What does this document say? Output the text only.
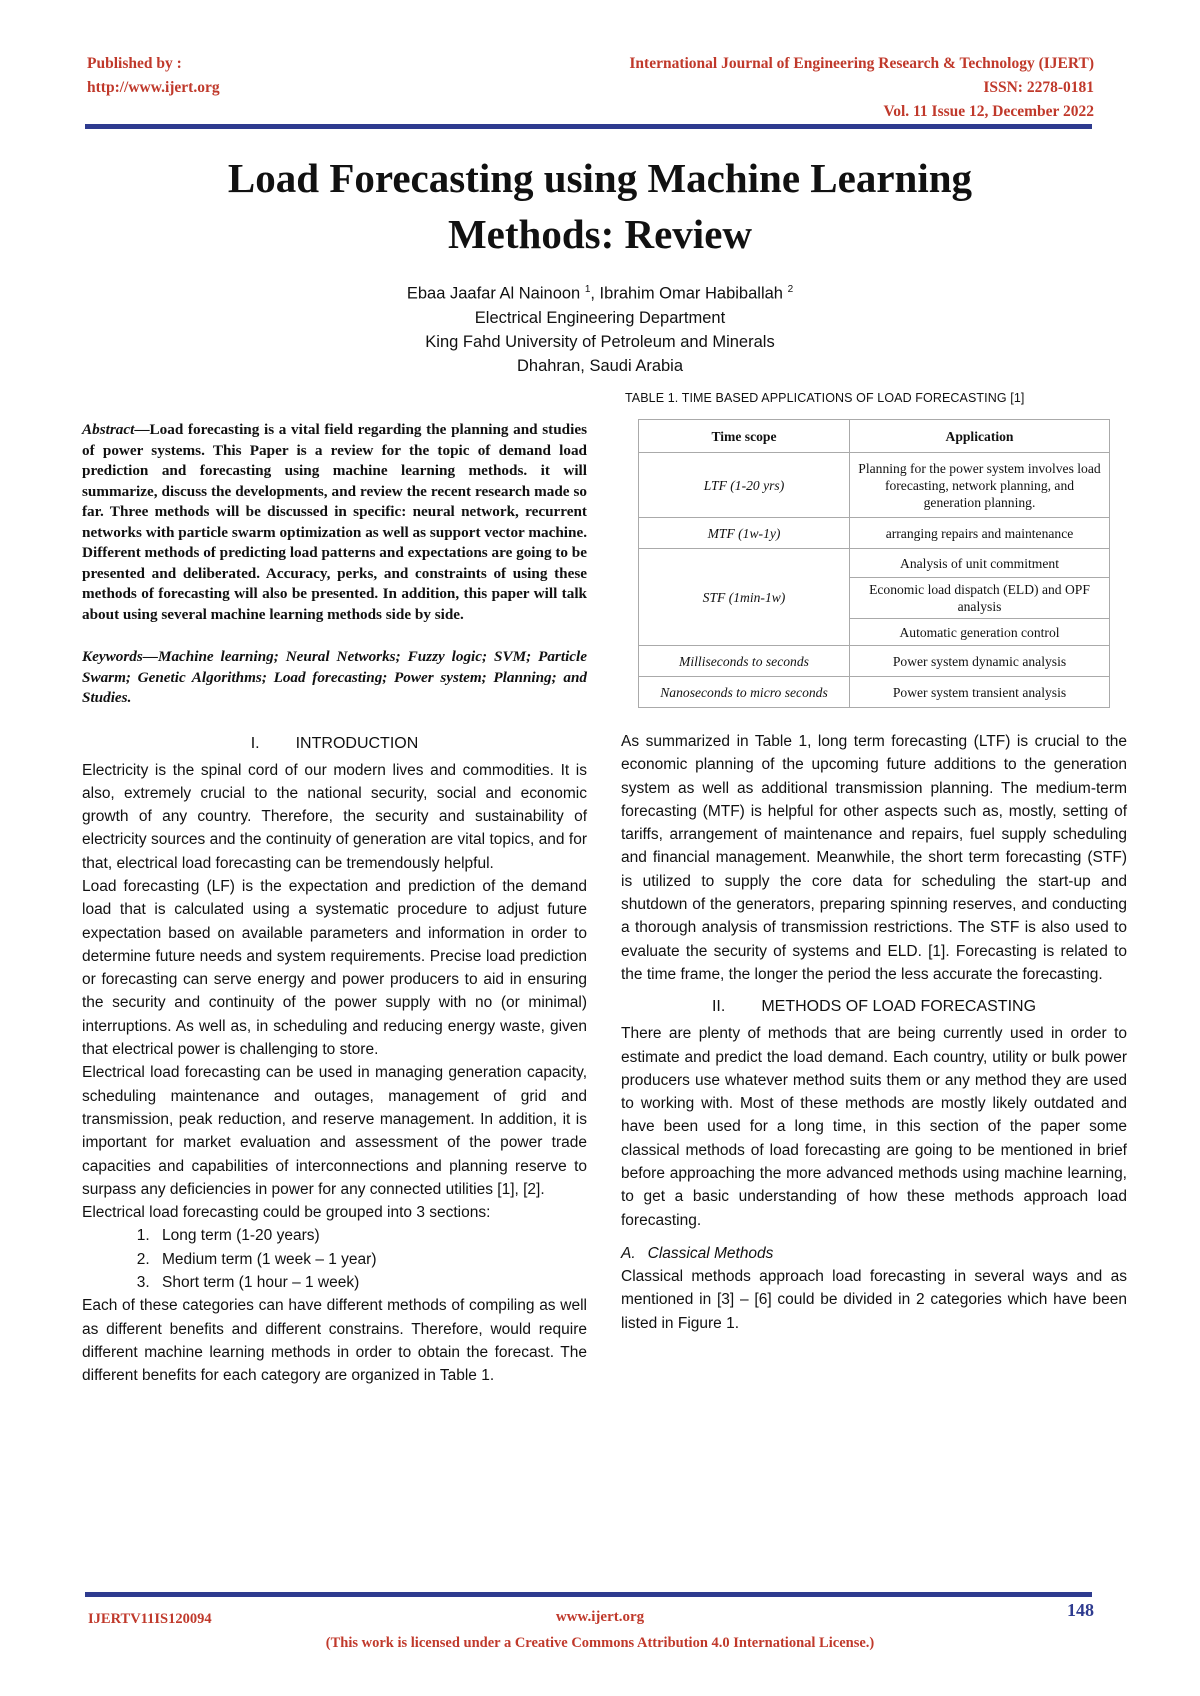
Published by :
http://www.ijert.org
International Journal of Engineering Research & Technology (IJERT)
ISSN: 2278-0181
Vol. 11 Issue 12, December 2022
Load Forecasting using Machine Learning
Methods: Review
Ebaa Jaafar Al Nainoon $^1$, Ibrahim Omar Habiballah $^2$
Electrical Engineering Department
King Fahd University of Petroleum and Minerals
Dhahran, Saudi Arabia

Abstract—Load forecasting is a vital field regarding the planning and studies of power systems. This Paper is a review for the topic of demand load prediction and forecasting using machine learning methods. it will summarize, discuss the developments, and review the recent research made so far. Three methods will be discussed in specific: neural network, recurrent networks with particle swarm optimization as well as support vector machine. Different methods of predicting load patterns and expectations are going to be presented and deliberated. Accuracy, perks, and constraints of using these methods of forecasting will also be presented. In addition, this paper will talk about using several machine learning methods side by side.

Keywords—Machine learning; Neural Networks; Fuzzy logic; SVM; Particle Swarm; Genetic Algorithms; Load forecasting; Power system; Planning; and Studies.

I. INTRODUCTION

Electricity is the spinal cord of our modern lives and commodities. It is also, extremely crucial to the national security, social and economic growth of any country. Therefore, the security and sustainability of electricity sources and the continuity of generation are vital topics, and for that, electrical load forecasting can be tremendously helpful.

Load forecasting (LF) is the expectation and prediction of the demand load that is calculated using a systematic procedure to adjust future expectation based on available parameters and information in order to determine future needs and system requirements. Precise load prediction or forecasting can serve energy and power producers to aid in ensuring the security and continuity of the power supply with no (or minimal) interruptions. As well as, in scheduling and reducing energy waste, given that electrical power is challenging to store.

Electrical load forecasting can be used in managing generation capacity, scheduling maintenance and outages, management of grid and transmission, peak reduction, and reserve management. In addition, it is important for market evaluation and assessment of the power trade capacities and capabilities of interconnections and planning reserve to surpass any deficiencies in power for any connected utilities [1], [2].

Electrical load forecasting could be grouped into 3 sections:

1. Long term (1-20 years)
2. Medium term (1 week – 1 year)
3. Short term (1 hour – 1 week)

Each of these categories can have different methods of compiling as well as different benefits and different constrains. Therefore, would require different machine learning methods in order to obtain the forecast. The different benefits for each category are organized in Table 1.

TABLE 1. TIME BASED APPLICATIONS OF LOAD FORECASTING [1]
Time scope	Application
LTF (1-20 yrs)	Planning for the power system involves load forecasting, network planning, and generation planning.
MTF (1w-1y)	arranging repairs and maintenance
STF (1min-1w)	Analysis of unit commitment
	Economic load dispatch (ELD) and OPF analysis
	Automatic generation control
Milliseconds to seconds	Power system dynamic analysis
Nanoseconds to micro seconds	Power system transient analysis

As summarized in Table 1, long term forecasting (LTF) is crucial to the economic planning of the upcoming future additions to the generation system as well as additional transmission planning. The medium-term forecasting (MTF) is helpful for other aspects such as, mostly, setting of tariffs, arrangement of maintenance and repairs, fuel supply scheduling and financial management. Meanwhile, the short term forecasting (STF) is utilized to supply the core data for scheduling the start-up and shutdown of the generators, preparing spinning reserves, and conducting a thorough analysis of transmission restrictions. The STF is also used to evaluate the security of systems and ELD. [1]. Forecasting is related to the time frame, the longer the period the less accurate the forecasting.

II. METHODS OF LOAD FORECASTING

There are plenty of methods that are being currently used in order to estimate and predict the load demand. Each country, utility or bulk power producers use whatever method suits them or any method they are used to working with. Most of these methods are mostly likely outdated and have been used for a long time, in this section of the paper some classical methods of load forecasting are going to be mentioned in brief before approaching the more advanced methods using machine learning, to get a basic understanding of how these methods approach load forecasting.

A. Classical Methods

Classical methods approach load forecasting in several ways and as mentioned in [3] – [6] could be divided in 2 categories which have been listed in Figure 1.

IJERTV11IS120094	www.ijert.org	148
(This work is licensed under a Creative Commons Attribution 4.0 International License.)
